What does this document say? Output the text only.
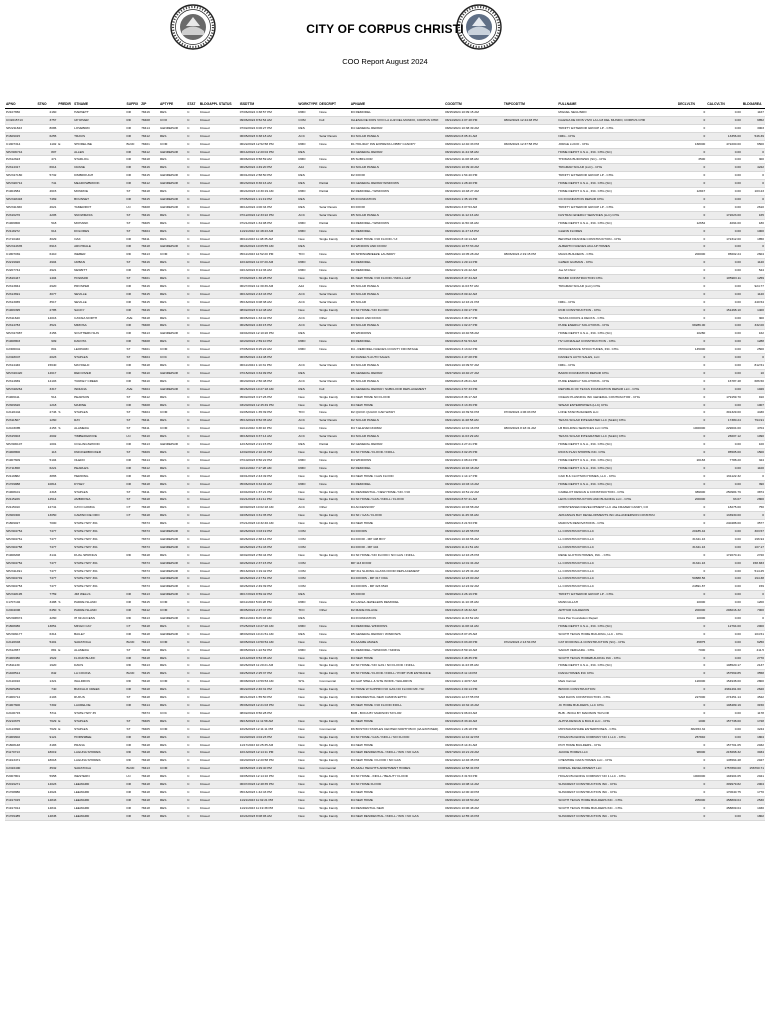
CITY OF CORPUS CHRISTI
COO Report August 2024
APNO	STNO	PREDIR	STNAME	SUFFIX	ZIP	APTYPE	STAT	BLDGAPPL STATUS	ISSDTTM	WORKTYPE	DESCRIPT	APNAME	COODTTM	TMPCODTTM	FULLNAME	DECLVLTN	CALCVLTN	BLDGAREA
P2107650	2160		HARNETT	DR	78416	RES	C	Closed	07/06/2024 3:38:57 PM	RMD	None	D3 REMODEL	08/15/2024 10:09:15 AM		MIGUEL SEGUNDO	0	0.00	1167
CO2015713	3757		UP RIVER	RD	78408	COO	C	Closed	09/06/2024 8:52:54 AM	COM	Full	IGLESIA DE DIOS VIVO LA LUZ DEL MUNDO, CORPUS CHRI	08/14/2024 4:07:48 PM	08/02/2024 12:44:48 PM	IGLESIA DE DIOS VIVO LA LUZ DEL MUNDO, CORPUS CHR	0	0.00	9852
SP2211843	8086		LOVEBIRD	DR	78414	GENREPAIR	C	Closed	07/02/2024 9:06:27 PM	RES		D4 GENERAL REPAIR	08/02/2024 10:38:39 AM		TRINITY EXTERIOR GROUP LP - CHG	0	0.00	3003
P1609015	6255		TRAVIS	DR	78412	RES	C	Closed	06/05/2023 9:38:18 AM	ACC	Solar Panels	D4 SOLAR PANELS	08/06/2024 8:05:31 AM		NMG - CHG	0	13356.00	546.39
C1907314	1102	E	SHORELINE	BLVD	78401	COM	C	Closed	06/22/2023 12:52:58 PM	RMD	None	D1 HOLIDAY INN EXPRESS LOBBY CANOPY	08/09/2024 12:40:33 PM	06/06/2024 12:37:58 PM	JORGE LUCIO - CHG	168000	472200.00	6500
SP2306744	807		ALLEN	DR	78412	GENREPAIR	C	Closed	06/14/2024 12:20:04 PM	RES		D4 GENERAL REPAIR	08/16/2024 11:44:38 AM		HOME DEPOT U.S.A., INC. CHG (SC)	0	0.00	0
P2312623	471		STARLOG	DR	78418	RES	C	Closed	06/06/2024 8:58:59 AM	RMD	None	D5 SUBFLOOR	08/12/2024 11:08:08 AM		THOMAS BUDOWSKI (SC) - CHG	3500	0.00	300
P2314317	6614		CRANE	DR	78416	RES	C	Closed	06/26/2024 4:49:20 PM	Add	None	D4 SOLAR PANELS	08/13/2024 10:09:40 AM		TRIGMAR SOLAR (LLC) - CHG	0	0.00	4222
SP2317180	5732		KIMBROUGH	DR	78415	GENREPAIR	C	Closed	06/01/2024 2:58:50 PM	RES		D2 DOOR	08/26/2024 1:54:40 PM		TRINITY EXTERIOR GROUP LP - CHG	0	0.00	0
SP2320712	741		MEADOWBROOK	DR	78412	GENREPAIR	C	Closed	06/23/2024 8:36:16 AM	RES	Partial	D3 GENERAL REPAIR WINDOWS	08/16/2024 1:28:40 PM		HOME DEPOT U.S.A., INC. CHG (SC)	0	0.00	0
P1904584	4615		MONROE	ST	78418	RES	C	Closed	06/24/2023 10:30:19 AM	RMD	Partial	D2 REMODEL / WINDOWS	08/16/2024 10:48:27 AM		HOME DEPOT U.S.A., INC. CHG (SC)	12847	0.00	103.23
SP2318493	7469		BOUNSET	DR	78415	GENREPAIR	C	Closed	07/05/2024 1:21:19 PM	RES		D5 FOUNDATION	08/23/2024 1:35:19 PM		CC FOUNDATION REPAIR CHG	0	0.00	0
SP2311360	4621		TAMERROT	LN	78408	GENREPAIR	C	Closed	06/14/2024 4:00:34 PM	RES	Solar Panels	D3 DOOR	08/30/2024 3:07:53 AM		TRINITY EXTERIOR GROUP LP - CHG	0	0.00	2610
P2316276	4205		SNOWMASS	ST	78416	RES	C	Closed	07/12/2024 12:33:22 PM	ACC	Solar Panels	D5 SOLAR PANELS	08/12/2024 11:12:16 AM		FASTRAC ENERGY SERVICES (LLC) CHG	0	172023.00	165
P1906800	518		MOHAWK	ST	78405	RES	C	Closed	07/21/2023 1:34:08 PM	RMD	Partial	D4 REMODEL / WINDOWS	08/19/2024 11:50:46 AM		HOME DEPOT U.S.A., INC. CHG (SC)	12652	4094.00	180
P2118272	614		DOLORES	ST	78404	RES	C	Closed	11/21/2022 10:48:43 AM	RMD	None	D1 REMODEL	08/29/2024 11:47:18 PM		GLENN FLORES	0	0.00	1000
P1710440	3029		OAK	DR	78411	RES	C	Closed	06/11/2023 11:48:35 AM	New	Single Family	D2 NEW HOME / NO FLOOD / UI	08/26/2024 8:19:14 AM		BENITEZ FRANKIE CONSTRUCTION - CHG	0	172312.00	1850
SP2314635	6913		ARCHDALE	DR	78418	GENREPAIR	C	Closed	06/24/2024 10:05:55 AM	RES		D4 WINDOW AND DOOR	08/19/2024 10:57:53 AM		ALBERTO NUEVES AKA AP HOMES	0	0.00	0
C1807081	6410		WEBER	RD	78413	COM	C	Closed	05/11/2023 12:52:20 PM	TFO	None	D6 SPRINGBREEZE LAUNDRY	08/05/2024 10:05:28 AM	08/06/2024 2:19:15 PM	MAGS BUILDERS - CHG	200000	95602.24	2604
P2219920	4904		URBAN	ST	78416	RES	C	Closed	10/19/2024 11:07:20 AM	RMD	None	D4 REMODEL	08/05/2024 1:29:14 PM		GLBED GUZMAN - CHG	0	0.00	1120
P2207744	4921		NESBITT	DR	78415	RES	C	Closed	04/13/2024 8:14:36 AM	RMD	None	D2 REMODEL	08/22/2024 9:24:42 AM		Joe M Chinz	0	0.00	544
P1816447	1404		HOWARD	ST	78401	RES	C	Closed	07/03/2023 1:36:28 PM	New	Single Family	D1 NEW HOME / NO FLOOD / INFILL GAP	08/26/2024 8:47:34 AM		BRABD CONSTRUCTION CHG	0	185903.11	1259
P2313844	2920		PROSPER	DR	78416	RES	C	Closed	06/27/2024 11:30:39 AM	Add	None	D5 SOLAR PANELS	08/12/2024 11:03:57 AM		TRIGMAR SOLAR (LLC) CHG	0	0.00	924.77
P2313691	3077		SEVILLE	DR	78415	RES	C	Closed	06/13/2024 2:43:43 PM	ACC	Solar Panels	D3 SOLAR PANELS	08/09/2024 8:09:42 AM			0	0.00	1120
P2313065	3517		SEVILLE	DR	78415	RES	C	Closed	05/16/2024 9:08:38 AM	ACC	Solar Panels	D5 SOLAR	08/20/2024 12:16:21 PM		NMG - CHG	0	0.00	440.54
P1906395	2785		SACKY	DR	78416	RES	C	Closed	08/02/2023 9:12:48 AM	New	Single Family	D3 SF HOME / NO FLOOD	08/26/2024 4:09:17 PM		RCM CONSTRUCTION - CHG	0	151468.10	1400
P2311640	14016		CASSIA NORTH	AVE	78418	RES	C	Closed	06/05/2024 1:33:42 PM	ACC	Other	D4 DECK AND DOCK	08/16/2024 3:38:47 PM		TEXAS DOCKS & DECKS - CHG	0	0.00	300
P2314783	3521		MIMOSA	DR	78408	RES	C	Closed	06/28/2024 4:46:15 PM	ACC	Solar Panels	D3 SOLAR PANELS	08/20/2024 1:02:27 PM		PURE ENERGY SOLUTIONS - CHG	68286.00	0.00	332.00
SP2317987	3156		SOUTHERN SUN	DR	78413	GENREPAIR	C	Closed	04/04/2024 12:10:20 PM	RES		D5 WINDOWS	08/28/2024 10:40:58 AM		HOME DEPOT U.S.A., INC. CHG (SC)	10280	0.00	162
P1908803	909		DAVOTA	DR	78408	RES	C	Closed	02/20/2024 2:59:10 PM	RMD	None	D3 REMODEL	08/20/2024 8:51:53 AM		HV GONZALEZ CONSTRUCTION - CHG	0	0.00	1288
C2306041	801		LEOPARD	ST	78401	COM	C	Closed	07/05/2024 8:25:22 AM	RMD	None	D4 - REMODEL NUECES COUNTY FRONTAGE	08/26/2024 3:13:02 PM		PROGRESSIVE STRUCTURES, INC. CHG	145000	0.00	2500
C2318047	2023		STAPLES	ST	78404	COC	C	Closed	06/05/2024 4:44:48 PM			D2 DANIEL'S AUTO SALES	08/20/2024 4:47:28 PM		DANIEL'S AUTO SALES, LLC	0	0.00	0
P2314446	15640		MAYFIELD	DR	78418	RES	C	Closed	06/11/2024 1:10:31 PM	ACC	Solar Panels	D4 SOLAR PANELS	08/24/2024 10:09:57 AM		NMG - CHG	0	0.00	812.51
SP2316420	14617		RED RIVER	DR	78410	GENREPAIR	C	Closed	07/15/2024 3:34:09 PM	RES		D5 GENERAL REPAIR	08/27/2024 10:40:27 AM		BAIRD FOUNDATION REPAIR CHG	0	0.00	10
P2314669	14103		TURKEY CREEK	DR	78410	RES	C	Closed	06/20/2024 2:50:48 PM	ACC	Solar Panels	D5 SOLAR PANELS	08/05/2024 8:28:21 AM		PURE ENERGY SOLUTIONS - CHG	0	16787.48	686.50
SP2318264	3317		INDIANA	AVE	78404	GENREPAIR	C	Closed	06/26/2024 10:27:18 AM	RES	Full	D1 GENERAL REPAIR / SUBFLOOR REPLACEMENT	08/22/2024 2:57:33 PM		REPUBLIC OF TEXAS FOUNDATION REPAIR LLC - CHG	0	0.00	1026
P1906111	514		PEARSON	ST	78412	RES	C	Closed	05/02/2023 3:27:26 PM	New	Single Family	D4 NEW HOME NO FLOOD	08/20/2024 8:36:17 AM		OCEAN PLANNING INC GENERAL CONTRACTOR - CHG	0	179159.70	910
P2309620	1218		MARINE	DR	78408	RES	C	Closed	03/20/2024 12:45:49 PM	New	Single Family	D4 NEW HOME	08/19/2024 3:13:39 PM		SPEAR ENTERPRISES (LLC) CHG	0	0.00	1007
C2120444	2746	S	STAPLES	ST	78404	COM	C	Closed	01/05/2022 1:35:39 PM	TFO	None	D2 QUICK QUACK CAR WASH	08/15/2024 10:39:54 PM	07/30/2024 4:06:03 PM	LONE STAR BUILDERS LLC	0	301329.00	4430
P2311507	1260		RAY	ST	78411	RES	C	Closed	05/13/2024 8:52:35 AM	ACC	Solar Panels	D2 SOLAR PANELS	08/21/2024 11:28:58 AM		TEXAS SOLAR INTEGRATED LLC (SLEC) CHG	0	17380.24	794.91
C2103085	4153	S	ALAMEDA	ST	78411	COM	C	Closed	01/11/2022 3:38:10 PM	New	None	D4 7-ELEVEN #40302	08/02/2024 12:01:16 PM	08/03/2024 8:18:31 AM	LB BUILDING SERVICES LLC CHG	1000000	229604.00	4704
P2315903	4602		TIMBERGROVE	LN	78410	RES	C	Closed	06/18/2024 9:37:14 AM	ACC	Solar Panels	D4 SOLAR PANELS	08/19/2024 11:03:29 AM		TEXAS SOLAR INTEGRATED LLC (SLEC) CHG	0	26607.12	1090
SP2306107	1001		COLLINGSWOOD	DR	78413	GENREPAIR	C	Closed	12/15/2023 2:21:15 PM	RES	Partial	D2 GENERAL REPAIR	08/20/2024 4:27:21 PM		HOME DEPOT U.S.A., INC. CHG (SC)	0	0.00	100
P1908800	113		KNICKERBOCKER	ST	78409	RES	C	Closed	12/02/2022 2:10:44 PM	New	Single Family	D4 SF HOME / FLOOD / INFILL	08/26/2024 3:02:25 PM		RICKS PLAN SHOPPE INC. CHG	0	95505.00	1500
P1907609	5104		OLEDO	DR	78414	RES	C	Closed	07/10/2023 8:50:22 PM	RMD	None	D4 WINDOWS	08/19/2024 2:08:24 PM		HOME DEPOT U.S.A., INC. CHG (SC)	20183	7788.20	324
P1711658	6221		PEARLES	DR	78412	RES	C	Closed	01/11/2022 7:47:28 AM	RMD	None	D2 REMODEL	08/15/2024 10:46:18 AM		HOME DEPOT U.S.A., INC. CHG (SC)	0	0.00	1100
P2119882	3865		HERRING	DR	78418	RES	C	Closed	04/01/2023 2:43:49 PM	New	Single Family	D4 NEW HOME / GAS FLOOD	08/15/2024 1:14:17 PM		CAD B & CLOTSON HOMES, LLC - CHG	0	161122.32	0
P1709888	10814		DYSEY	DR	78418	RES	C	Closed	05/06/2023 9:34:04 AM	RMD	None	D4 REMODEL	08/16/2024 10:03:13 AM		HOME DEPOT U.S.A., INC. CHG (SC)	0	0.00	390
P1908101	4318		STAPLES	ST	78411	RES	C	Closed	10/04/2023 1:37:21 PM	New	Single Family	D1 RESIDENTIAL / NEW HOME / NO / NO	08/22/2024 10:51:22 AM		CAMELOT DESIGN & CONSTRUCTION - CHG	389900	250984.79	3874
P2115226	14514		AMBROSIA	ST	78418	RES	C	Closed	01/21/2023 4:41:11 PM	New	Single Family	D4 SF HOME / GAS / INFILL / FLOOD	08/23/2024 8:57:41 AM		LEOS CONSTRUCTION AND BUILDING LLC - CHG	200000	63.07	2800
P2115010	12741		CAYO GORDA	CT	78418	RES	C	Closed	02/09/2023 10:02:18 AM	ACC	Other	D4 ACCESSORY	08/16/2024 10:03:58 AM		CHRISTENSEN DEVELOPMENT LLC dba FRAZER CANDY, CO	0	18275.00	750
P2306300	13050		CAMINO DE ORO	CT	78418	RES	C	Closed	04/05/2024 3:31:35 PM	New	Single Family	D4 SF / GAS / FLOOD	08/27/2024 11:45:36 AM		ARKANSAS BAY DEVELOPMENTS INC dba ANDERSON CONSTRU	0	133930.00	0
P1809027	7000		STATE HWY 361		78373	RES	C	Closed	07/21/2023 10:32:46 AM	New	Single Family	D4 NEW HOME	08/09/2024 3:21:53 PM		MADOVS RENOVATIONS - CHG	0	240488.00	3577
SP2304754	7477		STATE HWY 361		78373	GENREPAIR	C	Closed	02/26/2024 3:03:19 PM	COM		D4 DOORS	08/20/2024 12:26:58 PM		LL CONSTRUCTION LLC	20185.42	0.00	303.57
SP2304761	7477		STATE HWY 361		78373	GENREPAIR	C	Closed	02/26/2024 2:38:14 PM	COM		D4 DOOR - MP 108 BOY	08/14/2024 10:46:56 AM		LL CONSTRUCTION LLC	31341.16	0.00	196.94
SP2304758	7477		STATE HWY 361		78373	GENREPAIR	C	Closed	02/26/2024 2:51:43 PM	COM		D4 DOOR - MP 104	08/14/2024 11:41:51 AM		LL CONSTRUCTION LLC	31341.16	0.00	107.17
P1908208	3141		DUAL SPRINGS	RD	78418	RES	C	Closed	02/02/2023 2:56:44 PM	New	Single Family	D4 SF HOME / NO FLOOD / NO GAS / INFILL	08/20/2024 12:16:25 PM		RENE GLOTON HOMES, INC. - CHG	0	172070.41	2720
SP2304752	7477		STATE HWY 361		78373	GENREPAIR	C	Closed	02/26/2024 2:37:15 PM	COM		MP 113 DOOR	08/20/2024 12:01:34 AM		LL CONSTRUCTION LLC	31341.16	0.00	158.833
SP2311491	7477		STATE HWY 361		78373	GENREPAIR	C	Closed	05/16/2024 3:19:42 PM	COM		MP 311 SLIDING GLASS DOOR REPLACEMENT	08/22/2024 12:25:34 AM		LL CONSTRUCTION LLC	0	0.00	514.25
SP2304749	7477		STATE HWY 361		78373	GENREPAIR	C	Closed	02/26/2024 2:47:51 PM	COM		D4 DOORS - MP 317 ODA	08/22/2024 12:23:00 AM		LL CONSTRUCTION LLC	50888.56	0.00	194.38
SP2304753	7477		STATE HWY 361		78373	GENREPAIR	C	Closed	02/26/2024 2:49:39 PM	COM		D4 DOORS - MP 323 6520	08/20/2024 12:24:02 AM		LL CONSTRUCTION LLC	24891.87	0.00	159
SP2318195	7759		JIM WELLS	DR	78413	GENREPAIR	C	Closed	06/17/2024 8:59:42 PM	RES		D5 DOOR	08/28/2024 4:26:19 PM		TRINITY EXTERIOR GROUP LP - CHG	0	0.00	0
C1707102	3488	S	PADRE ISLAND	DR	78415	COM	C	Closed	02/11/2023 5:09:28 PM	RMD	None	D2 LAKEA JEWELERS REMODEL	08/20/2024 11:10:45 AM		MANN ALLAH	10000	0.00	1200
C2004006	6450	S	PADRE ISLAND	DR	78412	COM	C	Closed	06/05/2024 2:47:37 PM	TFO	Other	D2 MADE PALACE	08/23/2024 8:18:32 AM		ARTHUR CALDERON	200000	296016.32	7000
SP2308974	4260		IH 69 ACCESS	RD	78413	GENREPAIR	C	Closed	05/11/2024 8:25:03 AM	RES		D4 FOUNDATION	08/22/2024 11:33:52 AM		Dura Pier Foundation Repair	10000	0.00	0
P1808086	13851		MINGO CAY	CT	78418	RES	C	Closed	07/25/2023 10:27:20 AM	RMD	None	D4 REMODEL WINDOWS	08/15/2024 11:08:44 AM		HOME DEPOT U.S.A., INC. CHG (SC)	0	12764.00	2000
SP2309177	6314		BAILEY	DR	78418	GENREPAIR	C	Closed	08/03/2024 10:21:51 AM	RES	None	D5 GENERAL REPAIR / WINDOWS	08/22/2024 8:07:25 AM		SOUTH TEXAS HOME BUILDING, LLC - CHG	0	0.00	104.51
C2120603	5401		SARATOGA	BLVD	78413	COM	C	Closed	02/05/2024 10:50:54 AM	New	None	D4 AAAME AMAES	08/05/2024 6:03:28 PM	07/24/2024 2:13:54 PM	CAT ROOFING & CONSTRUCTION (SC) - CHG	45875	0.00	6250
P2312657	881	E	ALAMEDA	ST	78418	RES	C	Closed	06/05/2024 1:22:52 PM	RMD	None	D1 REMODEL / WINDOW / SIDING	08/23/2024 8:59:10 AM		SARAH VERGARA - CHG	7000	0.00	411.5
P1906380	1522		FLOUR BLUFF	DR	78418	RES	C	Closed	12/14/2023 9:54:35 AM	New	Single Family	D4 NEW HOME	08/20/2024 3:48:35 PM		SOUTH TEXAS HOMEBUILDING INC - CHG	0	0.00	2770
P1811130	1920		DAVIS	RD	78413	RES	C	Closed	02/26/2023 11:20:21 AM	New	Single Family	D2 SF HOME / NO GAS / NO FLOOD / INFILL	08/20/2024 11:23:05 AM		HOME DEPOT U.S.A., INC. CHG (SC)	0	108520.17	2137
P1408514	842		LA COCINA	BLVD	78415	RES	C	Closed	04/25/2023 2:25:37 PM	New	Single Family	D5 SF HOME / FLOOD / INFILL / PORT PUB ENTRANCE	08/23/2024 8:11:19 PM		DIANA HOMES INC CHG	0	157569.85	3558
C2110010	1321		WALDRON	RD	78418	COM	C	Closed	06/08/2023 10:59:53 AM	SHL	Commercial	D4 GAP SHELL & SITE WORK / WALDRON	08/13/2024 1:40:57 AM		Mark Carmel	120000	154938.00	2800
P2305289	740		BUFFALO CREEK	DR	78418	RES	C	Closed	06/22/2023 2:46:31 PM	New	Single Family	SF HOME W SUPPRO NO GAS NO FLOOD MF / SF	08/06/2024 4:09:14 PM		BROOK CONSTRUCTION	0	2981491.60	2620
P1906714	2103		RUFUS	ST	78418	RES	C	Closed	06/21/2023 1:55:50 PM	New	Single Family	D4 RESIDENTIAL NEW CAMINS EPTIC	08/14/2024 12:47:55 PM		SAM DAVIS CONSTRUCTION - CHG	227000	274451.14	4542
P1907600	7302		LAURELOE	DR	78414	RES	C	Closed	05/06/2023 12:21:03 PM	New	Single Family	D5 NEW HOME / NO FLOOD INFILL	08/30/2024 10:32:43 AM		JC HOME BUILDERS, LLC CHG	0	108489.19	3150
C2100715	5711		STATE HWY 35		78373	COC	C	Closed	08/02/2024 8:50:28 PM			BUB - BOCA BY MADISON TAYLOR	08/20/2024 9:06:03 AM		BUB - BOCA BY MADISON TAYLOR	0	0.00	1178
P2210675	7629	E	STAPLES	ST	78405	RES	C	Closed	09/15/2023 11:11:58 AM	New	Single Family	D1 NEW HOME	08/13/2024 8:33:40 AM		ALPHA DESIGN & BUILD LLC - CHG	1000	157738.00	1728
C2113990	7629	E	STAPLES	ST	78405	COM	C	Closed	10/26/2023 12:11:11 PM	New	Commercial	D6 BOSTON STAPLES CENTER NORTH BOX (4A EXPOSED)	08/06/2024 1:28:18 PM		MOSTADASHARE ENTERPRISES - CHG	382453.32	0.00	3244
P1909602	9121		HORNSBEE	DR	78418	RES	C	Closed	01/20/2022 4:04:23 PM	New	Single Family	D4 SF HOME / GAS / INFILL / NO FLOOD	08/20/2024 12:42:42 PM		HOGAN BUILDING COMPANY NO 1 LLC - CHG	257840	0.00	1804
P1808148	3183		PRANA	DR	78418	RES	C	Closed	11/17/2023 10:25:35 AM	New	Single Family	D4 NEW HOME	08/26/2024 8:14:31 AM		PCH HOME BUILDERS - CHG	0	157701.05	2032
P1170713	18019		LAGUNA SHORES	RD	78418	RES	C	Closed	10/13/2023 12:14:11 PM	New	Single Family	D4 NEW RESIDENTIAL / INFILL / WW / NO GAS	08/27/2024 10:21:29 AM		JACKIE HOMES LLC	98000	215668.32	3034
P1913471	18018		LAGUNA SHORES	RD	78418	RES	C	Closed	04/20/2023 12:20:58 PM	New	Single Family	D4 NEW HOME / FLOOD / NO GAS	08/12/2024 12:46:35 PM		CHESHIRE OAKS HOMES LLC - CHG	0	145564.48	2047
C2316400	3532		SARATOGA	BLVD	78413	COM	C	Closed	04/05/2023 4:29:40 PM	New	Commercial	D5 AZALI HEIGHTS APARTMENT HOMES	08/09/2024 12:58:34 PM		DORSAL DEVELOPMENT LLC	0	1757860.00	156760.71
P2007801	5958		WESTERN	LN	78418	RES	C	Closed	04/05/2024 12:14:10 PM	New	Single Family	D4 SF HOME - INFILL / BEAUTY FLOOD	08/26/2024 3:31:53 PM		HOGAN BUILDING COMPANY NO 1 LLC - CHG	1000000	194904.05	2041
P2019271	14023		LEEWARD	DR	78418	RES	C	Closed	06/07/2023 12:48:35 PM	New	Single Family	D4 SF HOME FLOOD	08/26/2024 10:08:14 AM		SUNCREST CONSTRUCTION INC - CHG	0	309979.82	2004
P1708880	14624		LEEWARD	DR	78418	RES	C	Closed	05/16/2023 1:42:43 PM	New	Single Family	D4 NEW HOME	08/23/2024 12:00:40 PM		SUNCREST CONSTRUCTION INC - CHG	0	170640.75	1770
P1917015	14843		LEEWARD	DR	78418	RES	C	Closed	11/21/2023 11:32:21 PM	New	Single Family	D4 NEW HOME	08/26/2024 10:03:50 AM		SOUTH TEXAS HOME BUILDERS INC - CHG	205000	458809.04	2530
P1917014	14841		LEEWARD	DR	78418	RES	C	Closed	11/21/2023 11:19:38 PM	New	Single Family	D4 RESIDENTIAL NEW	08/26/2024 10:06:48 AM		SOUTH TEXAS HOME BUILDERS INC - CHG	0	458809.04	1930
P1709485	14845		LEEWARD	DR	78418	RES	C	Closed	10/24/2023 8:08:06 AM	New	Single Family	D4 NEW RESIDENTIAL / INFILL / WW / NO GAS	08/28/2024 12:55:43 PM		SUNCREST CONSTRUCTION INC - CHG	0	0.00	1802
